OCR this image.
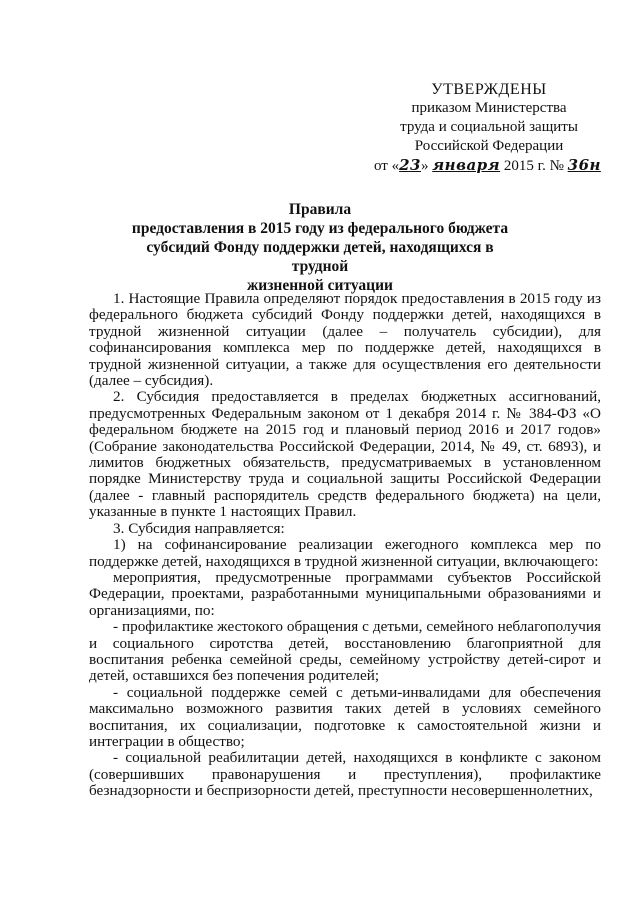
УТВЕРЖДЕНЫ
приказом Министерства
труда и социальной защиты
Российской Федерации
от «23» января 2015 г. № 36н
Правила
предоставления в 2015 году из федерального бюджета
субсидий Фонду поддержки детей, находящихся в трудной
жизненной ситуации

1. Настоящие Правила определяют порядок предоставления в 2015 году из федерального бюджета субсидий Фонду поддержки детей, находящихся в трудной жизненной ситуации (далее – получатель субсидии), для софинансирования комплекса мер по поддержке детей, находящихся в трудной жизненной ситуации, а также для осуществления его деятельности (далее – субсидия).

2. Субсидия предоставляется в пределах бюджетных ассигнований, предусмотренных Федеральным законом от 1 декабря 2014 г. № 384-ФЗ «О федеральном бюджете на 2015 год и плановый период 2016 и 2017 годов» (Собрание законодательства Российской Федерации, 2014, № 49, ст. 6893), и лимитов бюджетных обязательств, предусматриваемых в установленном порядке Министерству труда и социальной защиты Российской Федерации (далее - главный распорядитель средств федерального бюджета) на цели, указанные в пункте 1 настоящих Правил.

3. Субсидия направляется:

1) на софинансирование реализации ежегодного комплекса мер по поддержке детей, находящихся в трудной жизненной ситуации, включающего:

мероприятия, предусмотренные программами субъектов Российской Федерации, проектами, разработанными муниципальными образованиями и организациями, по:

- профилактике жестокого обращения с детьми, семейного неблагополучия и социального сиротства детей, восстановлению благоприятной для воспитания ребенка семейной среды, семейному устройству детей-сирот и детей, оставшихся без попечения родителей;

- социальной поддержке семей с детьми-инвалидами для обеспечения максимально возможного развития таких детей в условиях семейного воспитания, их социализации, подготовке к самостоятельной жизни и интеграции в общество;

- социальной реабилитации детей, находящихся в конфликте с законом (совершивших правонарушения и преступления), профилактике безнадзорности и беспризорности детей, преступности несовершеннолетних,
